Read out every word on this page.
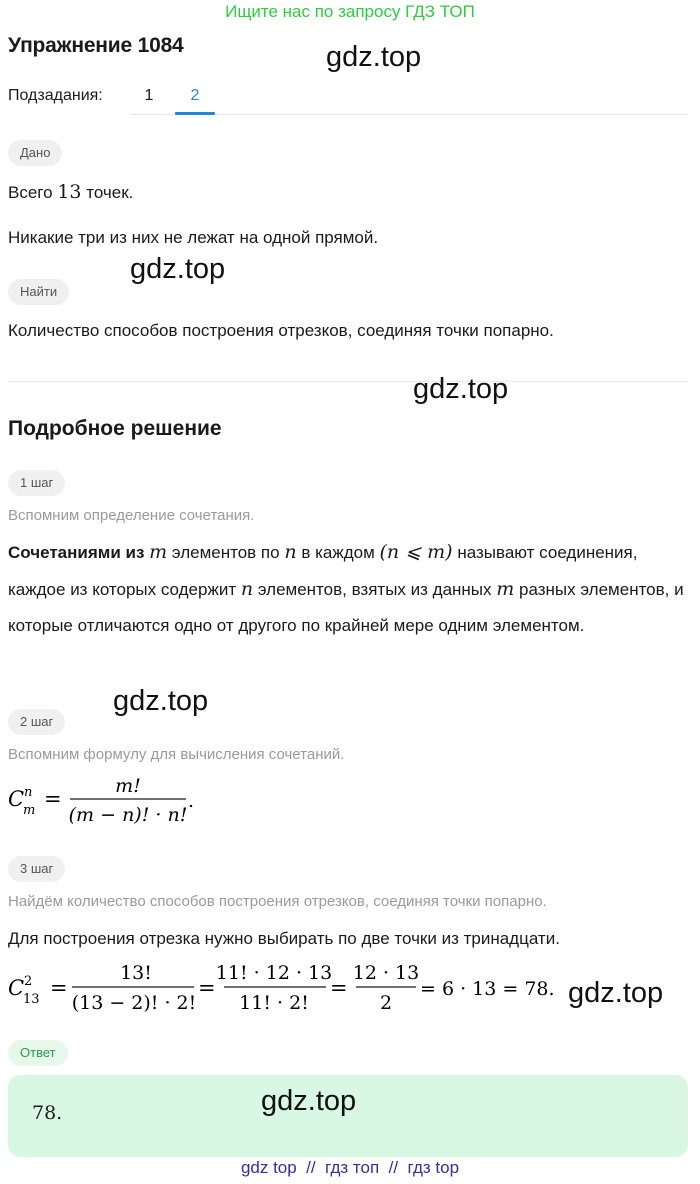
Ищите нас по запросу ГДЗ ТОП
Упражнение 1084	gdz.top
Подзадания:	1	2
Дано
Всего 13 точек.
Никакие три из них не лежат на одной прямой.
gdz.top
Найти
Количество способов построения отрезков, соединяя точки попарно.
gdz.top
Подробное решение
1 шаг
Вспомним определение сочетания.
Сочетаниями из m элементов по n в каждом (n ⩽ m) называют соединения, каждое из которых содержит n элементов, взятых из данных m разных элементов, и которые отличаются одно от другого по крайней мере одним элементом.
gdz.top
2 шаг
Вспомним формулу для вычисления сочетаний.
C n
m =
m!
(m − n)! · n!
.
3 шаг
Найдём количество способов построения отрезков, соединяя точки попарно.
Для построения отрезка нужно выбирать по две точки из тринадцати.
C 2
13 =
13!
(13 − 2)! · 2!
=
11! · 12 · 13
11! · 2!
=
12 · 13
2
= 6 · 13 = 78. gdz.top
Ответ
78.	gdz.top
gdz top  //  гдз топ  //  гдз top
